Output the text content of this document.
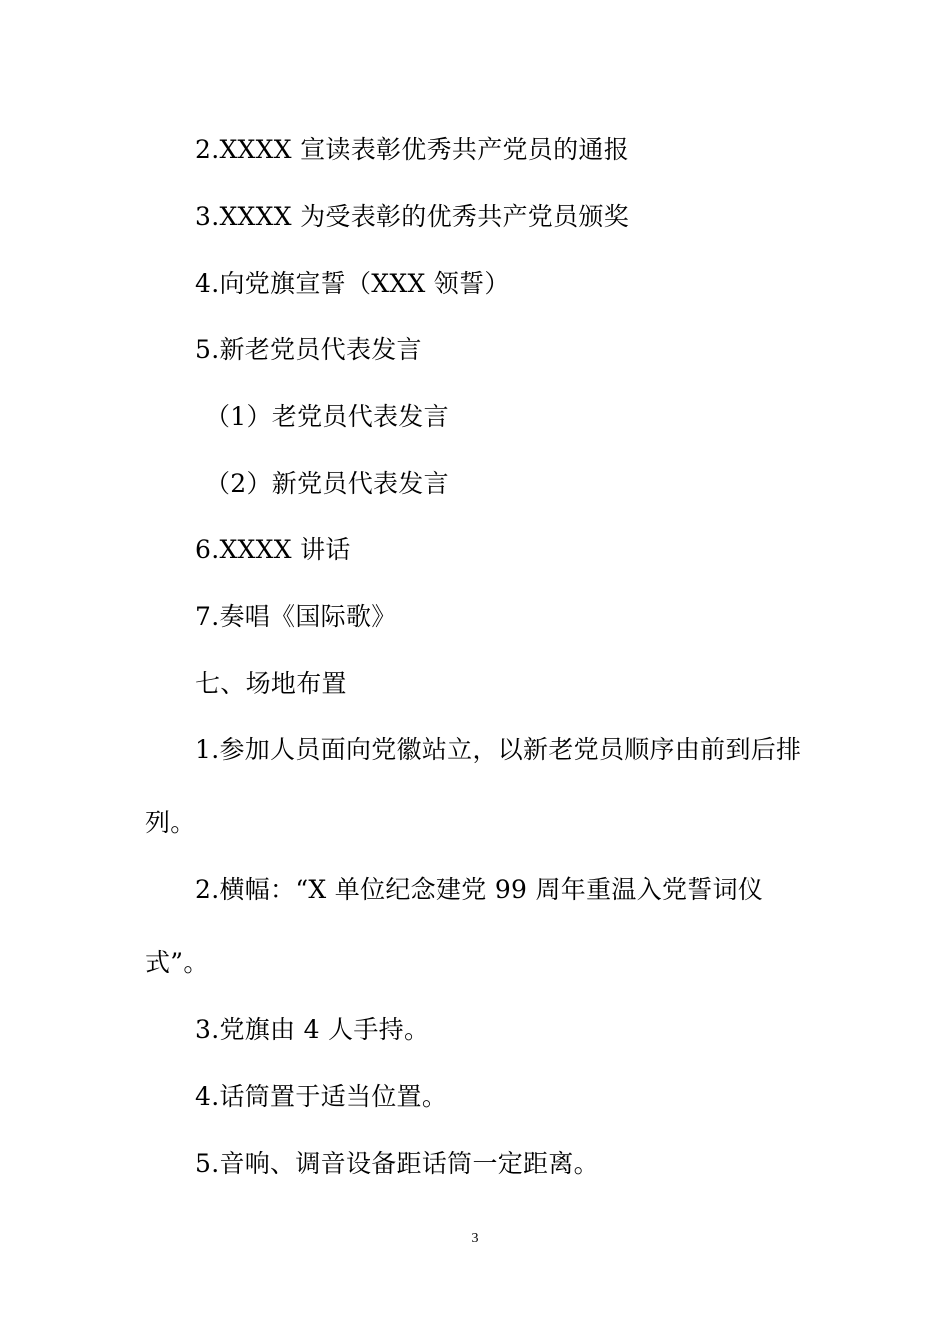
2.XXXX 宣读表彰优秀共产党员的通报
3.XXXX 为受表彰的优秀共产党员颁奖
4.向党旗宣誓（XXX 领誓）
5.新老党员代表发言
（1）老党员代表发言
（2）新党员代表发言
6.XXXX 讲话
7.奏唱《国际歌》
七、场地布置
1.参加人员面向党徽站立，以新老党员顺序由前到后排
列。
2.横幅：“X 单位纪念建党 99 周年重温入党誓词仪
式”。
3.党旗由 4 人手持。
4.话筒置于适当位置。
5.音响、调音设备距话筒一定距离。
3
